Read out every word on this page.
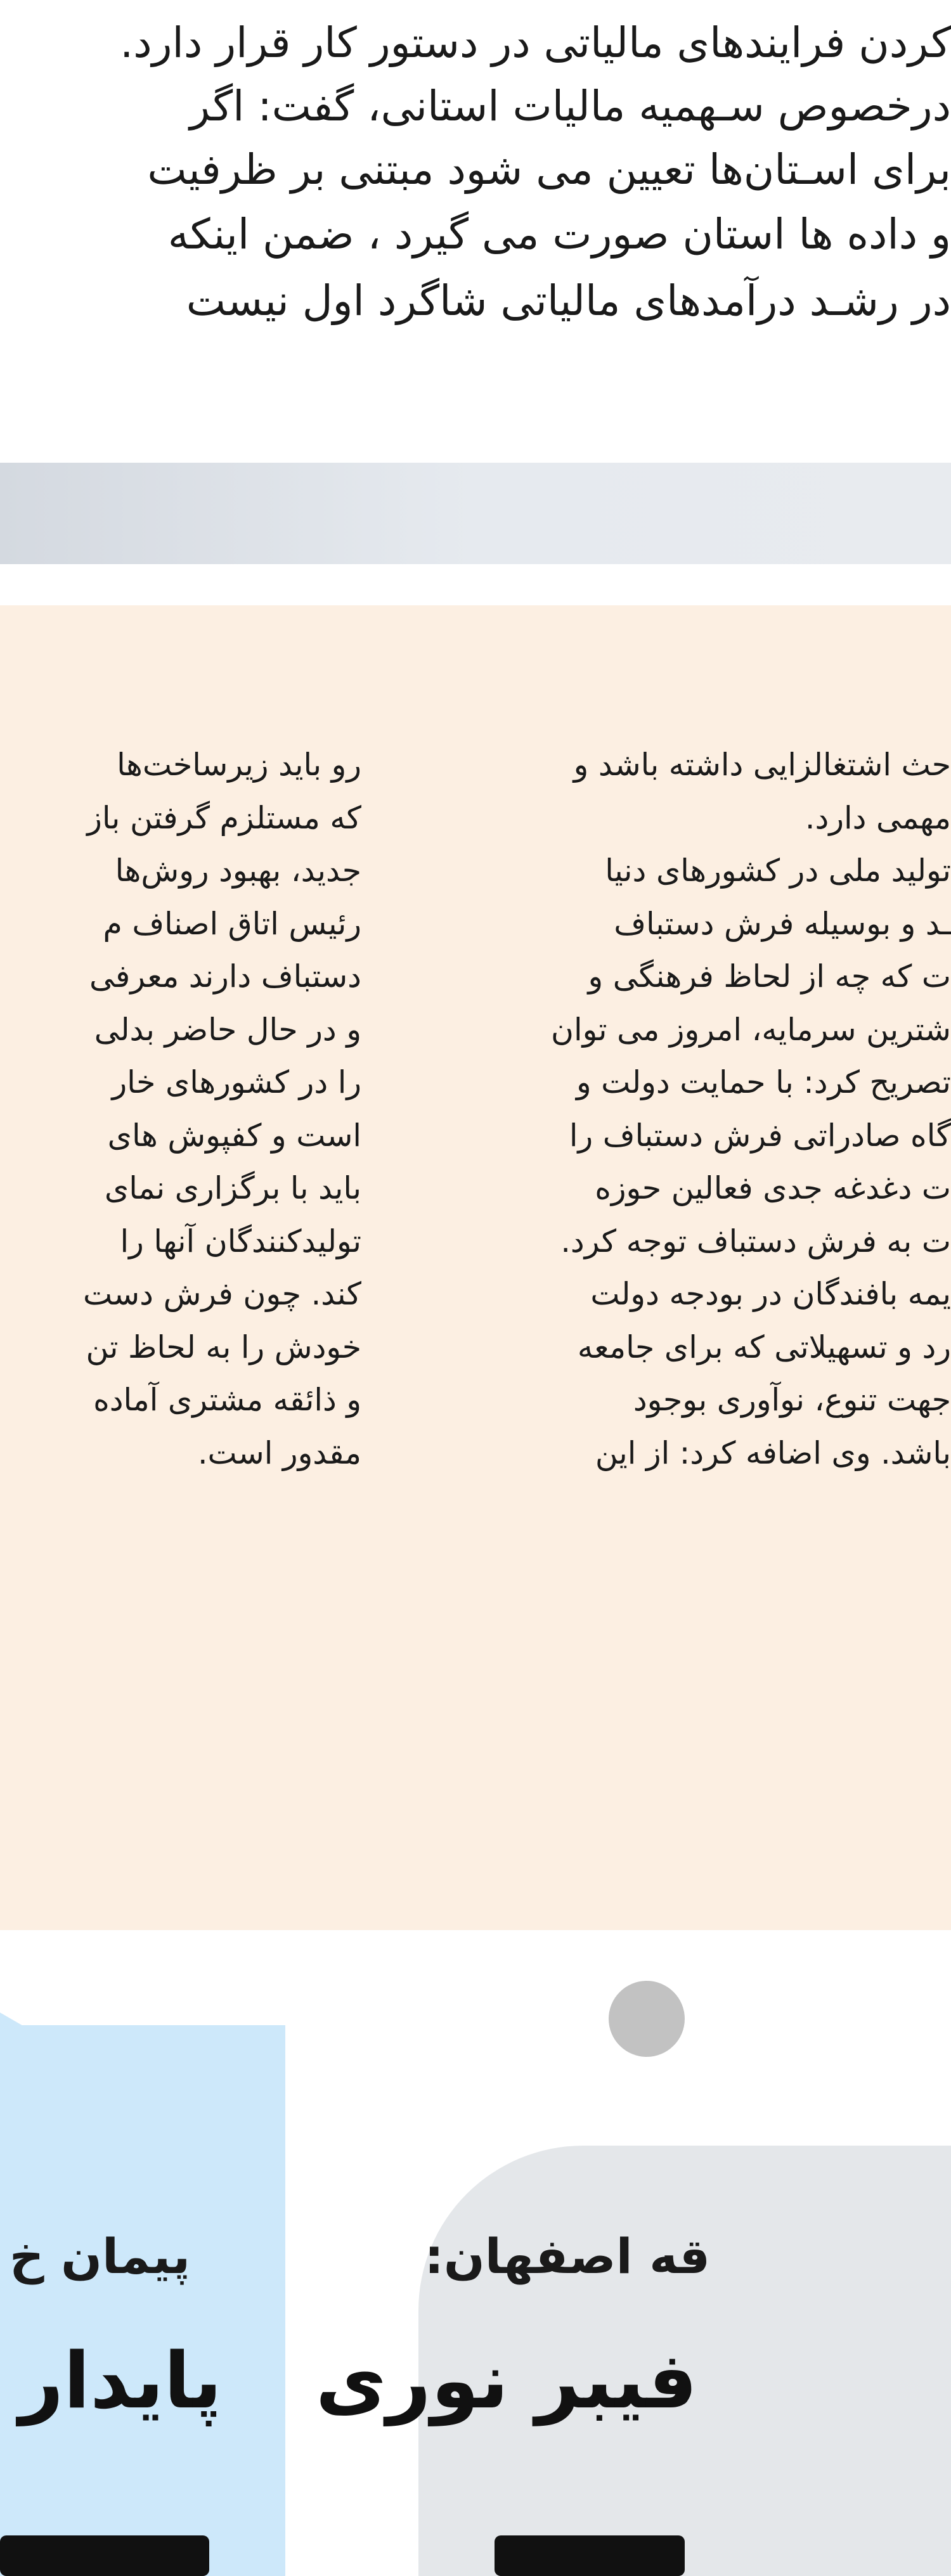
کردن فرایندهای مالیاتی در دستور کار قرار دارد.

درخصوص سـهمیه مالیات استانی، گفت: اگر

برای اسـتان‌ها تعیین می شود مبتنی بر ظرفیت

و داده ها استان صورت می گیرد ، ضمن اینکه

در رشـد درآمدهای مالیاتی شاگرد اول نیست

حث اشتغالزایی داشته باشد و

مهمی دارد.

تولید ملی در کشورهای دنیا

ـد و بوسیله فرش دستباف

ت که چه از لحاظ فرهنگی و

شترین سرمایه، امروز می توان

تصریح کرد: با حمایت دولت و

گاه صادراتی فرش دستباف را

ت دغدغه جدی فعالین حوزه

ت به فرش دستباف توجه کرد.

یمه بافندگان در بودجه دولت

رد و تسهیلاتی که برای جامعه

جهت تنوع، نوآوری بوجود

باشد. وی اضافه کرد: از این

رو باید زیرساخت‌ها

که مستلزم گرفتن باز

جدید، بهبود روش‌ها

رئیس اتاق اصناف م

دستباف دارند معرفی

و در حال حاضر بدلی

را در کشورهای خار

است و کفپوش های

باید با برگزاری نمای

تولیدکنندگان آنها را

کند. چون فرش دست

خودش را به لحاظ تن

و ذائقه مشتری آماده

مقدور است.

قه اصفهان:
فیبر نوری
پیمان خ
پایدار
